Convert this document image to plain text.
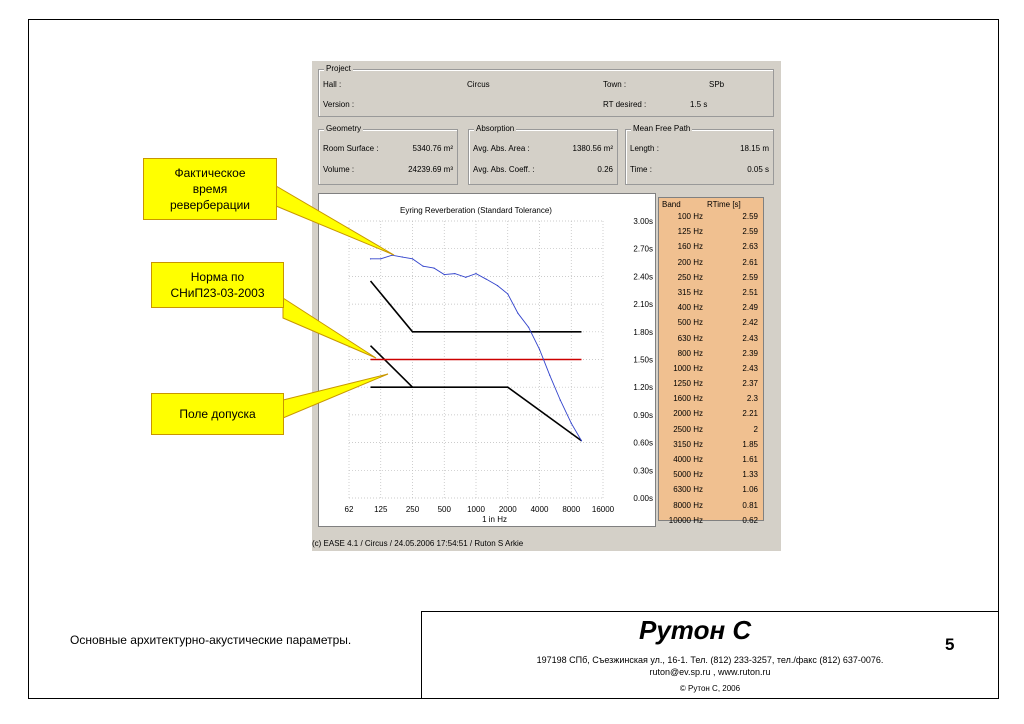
Project
Hall :	Circus	Town :	SPb
Version :	RT desired :	1.5 s
Geometry
Room Surface :	5340.76 m²
Volume :	24239.69 m³
Absorption
Avg. Abs. Area :	1380.56 m²
Avg. Abs. Coeff. :	0.26
Mean Free Path
Length :	18.15 m
Time :	0.05 s
Eyring Reverberation (Standard Tolerance)
0.00s
0.30s
0.60s
0.90s
1.20s
1.50s
1.80s
2.10s
2.40s
2.70s
3.00s
62	125 250 500 1000 2000 4000 8000 16000
1 in Hz
Band	RTime [s]
100 Hz	2.59
125 Hz	2.59
160 Hz	2.63
200 Hz	2.61
250 Hz	2.59
315 Hz	2.51
400 Hz	2.49
500 Hz	2.42
630 Hz	2.43
800 Hz	2.39
1000 Hz	2.43
1250 Hz	2.37
1600 Hz	2.3
2000 Hz	2.21
2500 Hz	2
3150 Hz	1.85
4000 Hz	1.61
5000 Hz	1.33
6300 Hz	1.06
8000 Hz	0.81
10000 Hz	0.62
(c) EASE 4.1 / Circus / 24.05.2006 17:54:51 / Ruton S Arkie
Фактическое
время
реверберации
Норма по
СНиП23-03-2003
Поле допуска
Основные архитектурно-акустические параметры.	Рутон С
197198 СПб, Съезжинская ул., 16-1. Тел. (812) 233-3257, тел./факс (812) 637-0076.
ruton@ev.sp.ru , www.ruton.ru
© Рутон С, 2006
5
